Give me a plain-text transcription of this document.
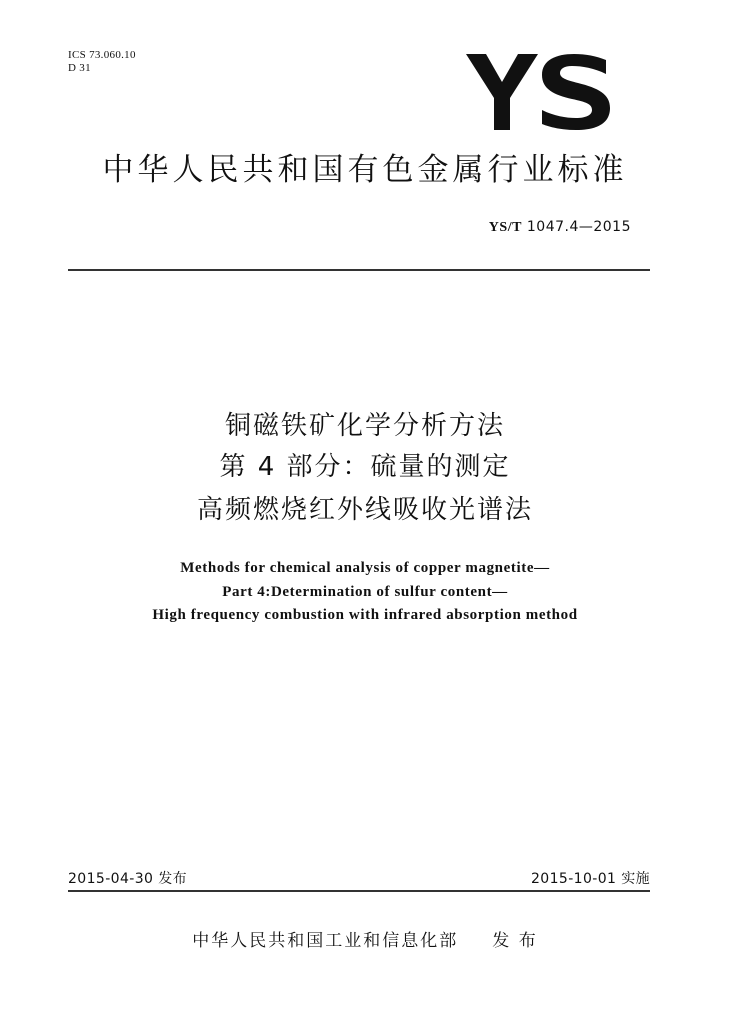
ICS 73.060.10
D 31
中华人民共和国有色金属行业标准
YS/T 1047.4—2015
铜磁铁矿化学分析方法
第 4 部分：硫量的测定
高频燃烧红外线吸收光谱法
Methods for chemical analysis of copper magnetite—
Part 4:Determination of sulfur content—
High frequency combustion with infrared absorption method
2015-04-30 发布	2015-10-01 实施
中华人民共和国工业和信息化部 发 布
